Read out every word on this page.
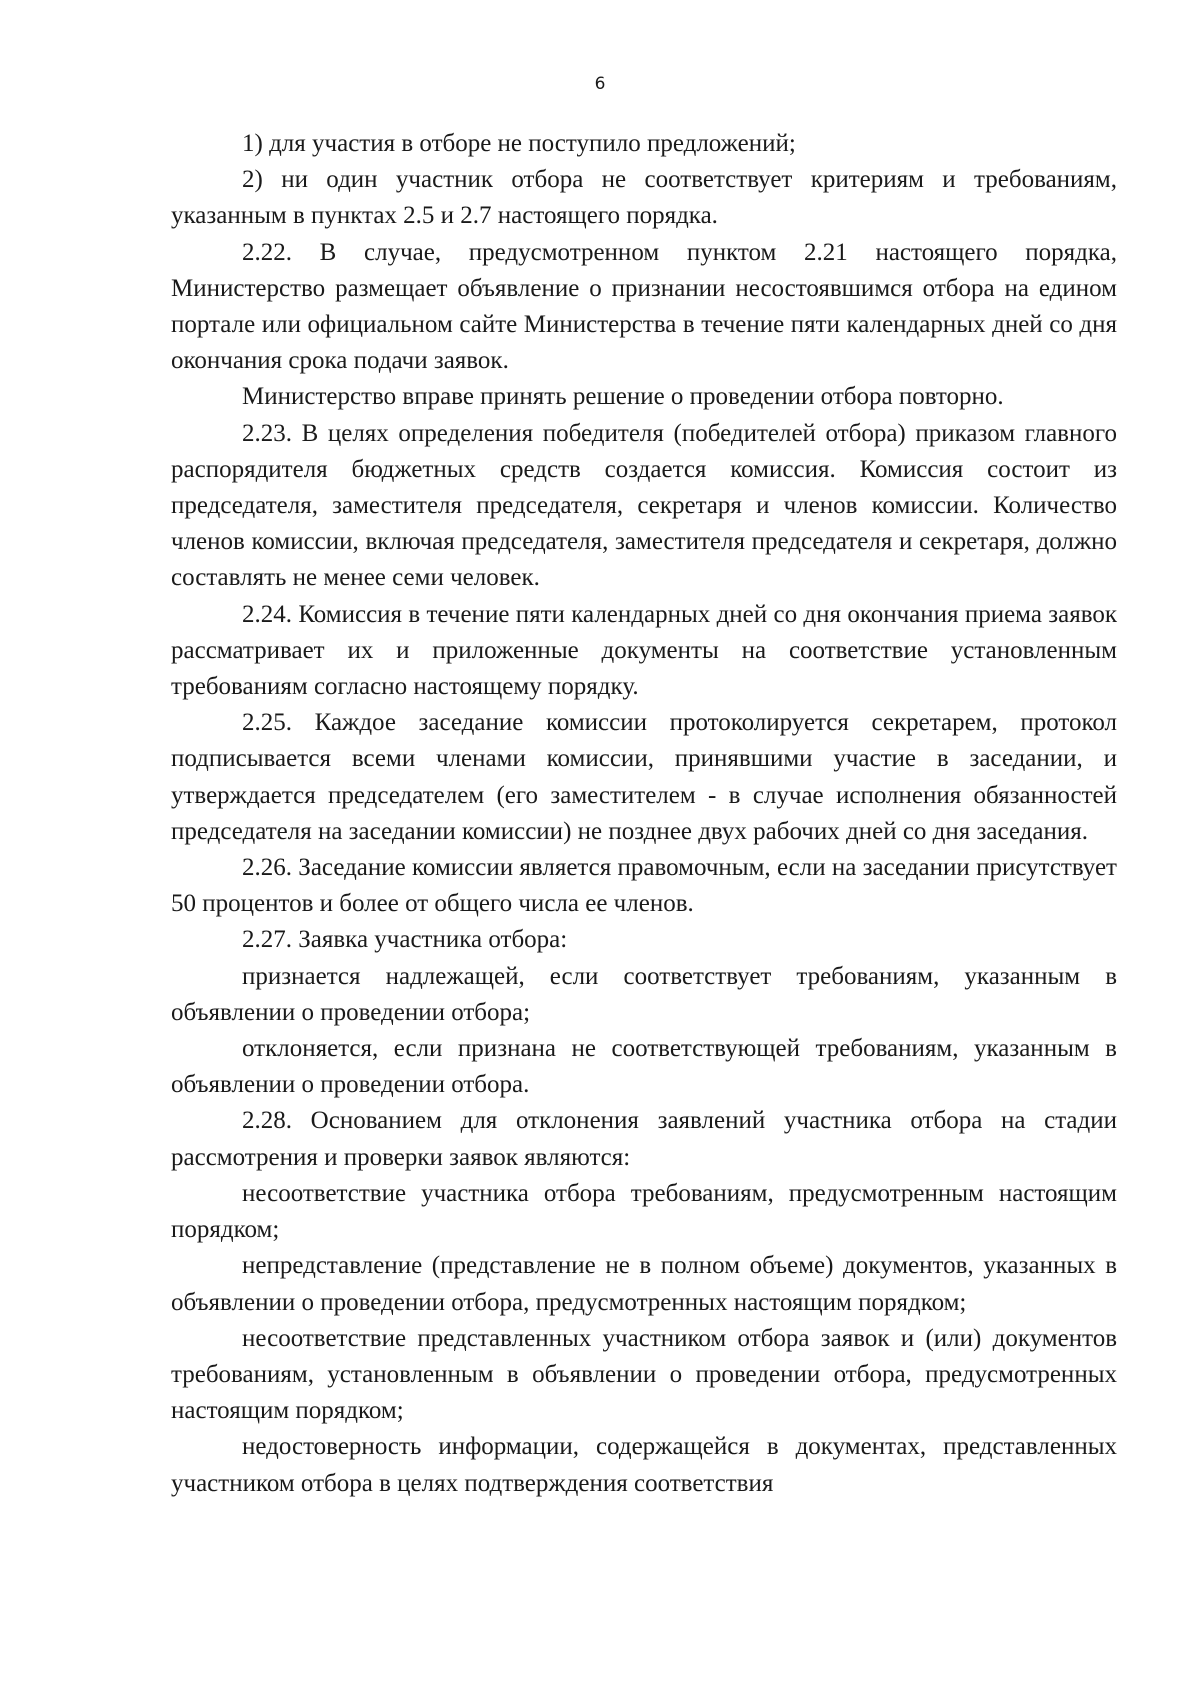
6

1) для участия в отборе не поступило предложений;

2) ни один участник отбора не соответствует критериям и требованиям, указанным в пунктах 2.5 и 2.7 настоящего порядка.

2.22. В случае, предусмотренном пунктом 2.21 настоящего порядка, Министерство размещает объявление о признании несостоявшимся отбора на едином портале или официальном сайте Министерства в течение пяти календарных дней со дня окончания срока подачи заявок.

Министерство вправе принять решение о проведении отбора повторно.

2.23. В целях определения победителя (победителей отбора) приказом главного распорядителя бюджетных средств создается комиссия. Комиссия состоит из председателя, заместителя председателя, секретаря и членов комиссии. Количество членов комиссии, включая председателя, заместителя председателя и секретаря, должно составлять не менее семи человек.

2.24. Комиссия в течение пяти календарных дней со дня окончания приема заявок рассматривает их и приложенные документы на соответствие установленным требованиям согласно настоящему порядку.

2.25. Каждое заседание комиссии протоколируется секретарем, протокол подписывается всеми членами комиссии, принявшими участие в заседании, и утверждается председателем (его заместителем - в случае исполнения обязанностей председателя на заседании комиссии) не позднее двух рабочих дней со дня заседания.

2.26. Заседание комиссии является правомочным, если на заседании присутствует 50 процентов и более от общего числа ее членов.

2.27. Заявка участника отбора:

признается надлежащей, если соответствует требованиям, указанным в объявлении о проведении отбора;

отклоняется, если признана не соответствующей требованиям, указанным в объявлении о проведении отбора.

2.28. Основанием для отклонения заявлений участника отбора на стадии рассмотрения и проверки заявок являются:

несоответствие участника отбора требованиям, предусмотренным настоящим порядком;

непредставление (представление не в полном объеме) документов, указанных в объявлении о проведении отбора, предусмотренных настоящим порядком;

несоответствие представленных участником отбора заявок и (или) документов требованиям, установленным в объявлении о проведении отбора, предусмотренных настоящим порядком;

недостоверность информации, содержащейся в документах, представленных участником отбора в целях подтверждения соответствия
